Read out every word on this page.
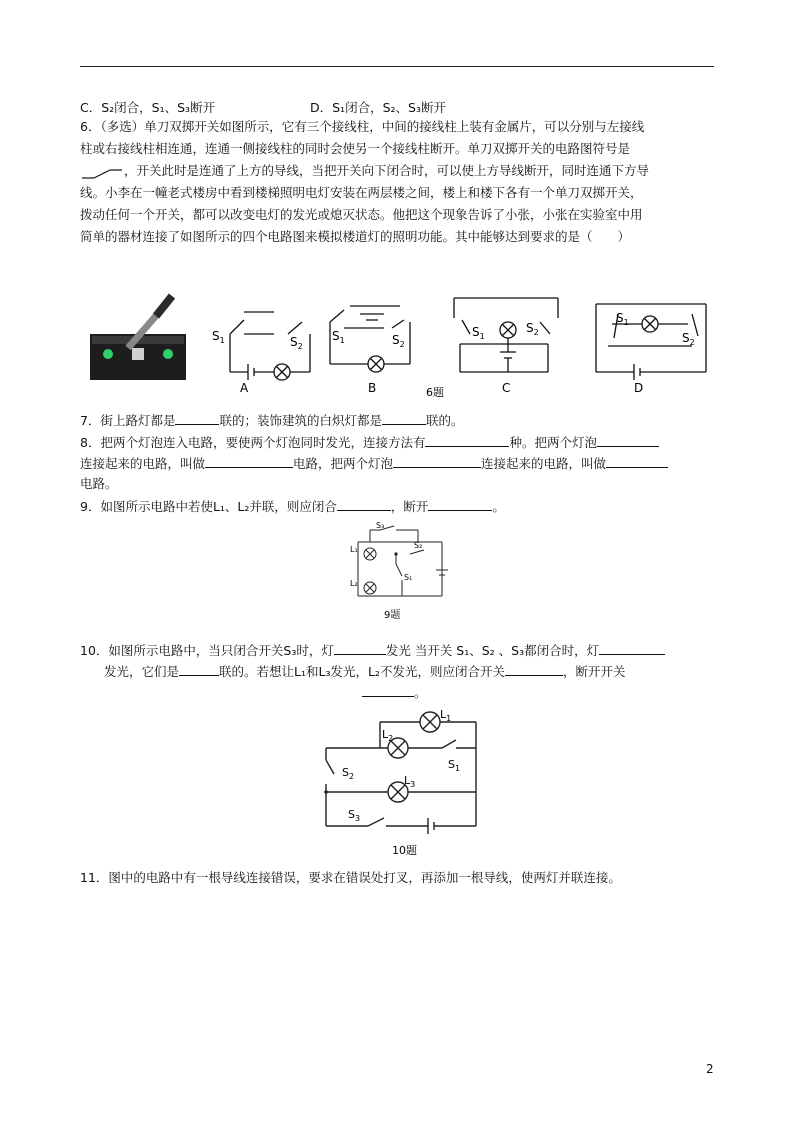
C．S₂闭合，S₁、S₃断开	D．S₁闭合，S₂、S₃断开
6．（多选）单刀双掷开关如图所示，它有三个接线柱，中间的接线柱上装有金属片，可以分别与左接线
柱或右接线柱相连通，连通一侧接线柱的同时会使另一个接线柱断开。单刀双掷开关的电路图符号是
，开关此时是连通了上方的导线，当把开关向下闭合时，可以使上方导线断开，同时连通下方导
线。小李在一幢老式楼房中看到楼梯照明电灯安装在两层楼之间，楼上和楼下各有一个单刀双掷开关，
拨动任何一个开关，都可以改变电灯的发光或熄灭状态。他把这个现象告诉了小张，小张在实验室中用
简单的器材连接了如图所示的四个电路图来模拟楼道灯的照明功能。其中能够达到要求的是（　　）
$S_1$	$S_2$
A
$S_1$	$S_2$
B	6题
$S_1$
$S_2$
C
$S_1$
$S_2$
D
7．街上路灯都是	联的；装饰建筑的白炽灯都是	联的。
8．把两个灯泡连入电路，要使两个灯泡同时发光，连接方法有	种。把两个灯泡
连接起来的电路，叫做	电路，把两个灯泡	连接起来的电路，叫做
电路。
9．如图所示电路中若使L₁、L₂并联，则应闭合	，断开	。
S₃
S₂
S₁
L₁
L₂
9题
10．如图所示电路中，当只闭合开关S₃时，灯	发光 当开关 S₁、S₂ 、S₃都闭合时，灯
发光，它们是	联的。若想让L₁和L₃发光，L₂不发光，则应闭合开关	，断开开关
。
$L_1$
$L_2$
$L_3$
$S_1$
$S_2$
$S_3$
10题
11．图中的电路中有一根导线连接错误，要求在错误处打叉，再添加一根导线，使两灯并联连接。
2
